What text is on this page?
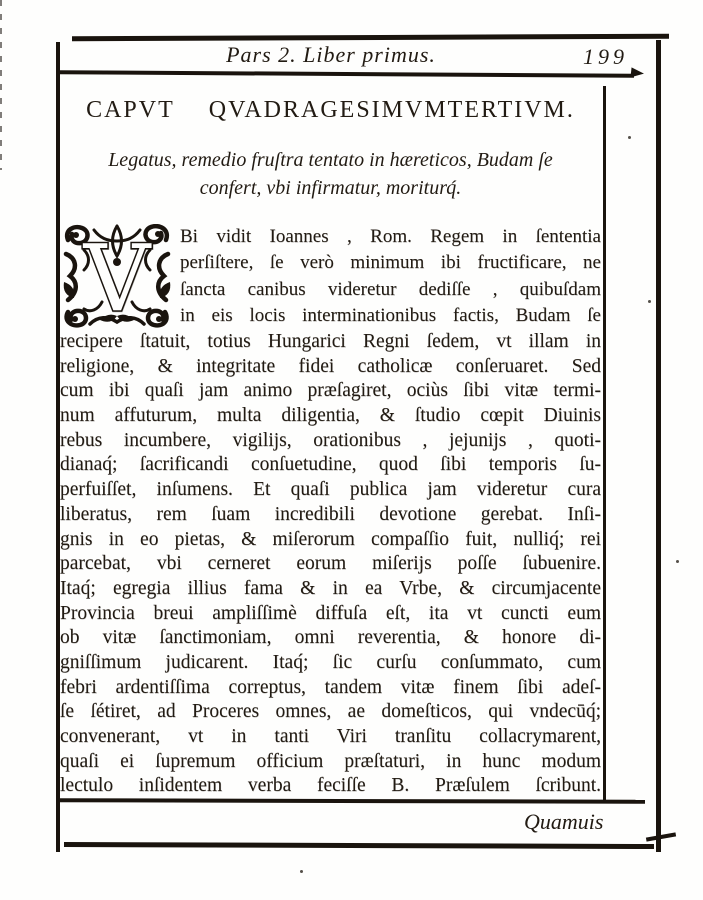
Pars 2. Liber primus.	199
CAPVT QVADRAGESIMVMTERTIVM.
Legatus, remedio fruſtra tentato in hæreticos, Budam ſe
confert, vbi infirmatur, moriturq́.
V Bi vidit Ioannes , Rom. Regem in ſententia
perſiſtere, ſe verò minimum ibi fructificare, ne
ſancta canibus videretur dediſſe , quibuſdam
in eis locis interminationibus factis, Budam ſe
recipere ſtatuit, totius Hungarici Regni ſedem, vt illam in
religione, & integritate fidei catholicæ conſeruaret. Sed
cum ibi quaſi jam animo præſagiret, ociùs ſibi vitæ termi-
num affuturum, multa diligentia, & ſtudio cœpit Diuinis
rebus incumbere, vigilijs, orationibus , jejunijs , quoti-
dianaq́; ſacrificandi conſuetudine, quod ſibi temporis ſu-
perfuiſſet, inſumens. Et quaſi publica jam videretur cura
liberatus, rem ſuam incredibili devotione gerebat. Inſi-
gnis in eo pietas, & miſerorum compaſſio fuit, nulliq́; rei
parcebat, vbi cerneret eorum miſerijs poſſe ſubuenire.
Itaq́; egregia illius fama & in ea Vrbe, & circumjacente
Provincia breui ampliſſimè diffuſa eſt, ita vt cuncti eum
ob vitæ ſanctimoniam, omni reverentia, & honore di-
gniſſimum judicarent. Itaq́; ſic curſu conſummato, cum
febri ardentiſſima correptus, tandem vitæ finem ſibi adeſ-
ſe ſétiret, ad Proceres omnes, ae domeſticos, qui vndecūq́;
convenerant, vt in tanti Viri tranſitu collacrymarent,
quaſi ei ſupremum officium præſtaturi, in hunc modum
lectulo inſidentem verba feciſſe B. Præſulem ſcribunt.
Quamuis
